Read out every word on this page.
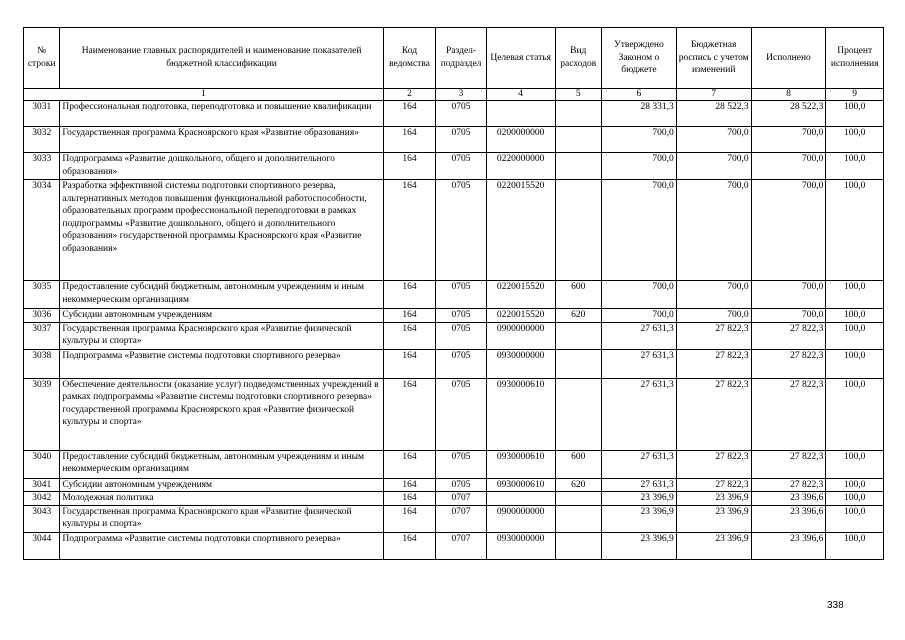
№ строки	Наименование главных распорядителей и наименование показателей бюджетной классификации	Код ведомства	Раздел- подраздел	Целевая статья	Вид расходов	Утверждено Законом о бюджете	Бюджетная роспись с учетом изменений	Исполнено	Процент исполнения
1		2	3	4	5	6	7	8	9
3031	Профессиональная подготовка, переподготовка и повышение квалификации	164	0705			28 331,3	28 522,3	28 522,3	100,0
3032	Государственная программа Красноярского края «Развитие образования»	164	0705	0200000000		700,0	700,0	700,0	100,0
3033	Подпрограмма «Развитие дошкольного, общего и дополнительного образования»	164	0705	0220000000		700,0	700,0	700,0	100,0
3034	Разработка эффективной системы подготовки спортивного резерва, альтернативных методов повышения функциональной работоспособности, образовательных программ профессиональной переподготовки в рамках подпрограммы «Развитие дошкольного, общего и дополнительного образования» государственной программы Красноярского края «Развитие образования»	164	0705	0220015520		700,0	700,0	700,0	100,0
3035	Предоставление субсидий бюджетным, автономным учреждениям и иным некоммерческим организациям	164	0705	0220015520	600	700,0	700,0	700,0	100,0
3036	Субсидии автономным учреждениям	164	0705	0220015520	620	700,0	700,0	700,0	100,0
3037	Государственная программа Красноярского края «Развитие физической культуры и спорта»	164	0705	0900000000		27 631,3	27 822,3	27 822,3	100,0
3038	Подпрограмма «Развитие системы подготовки спортивного резерва»	164	0705	0930000000		27 631,3	27 822,3	27 822,3	100,0
3039	Обеспечение деятельности (оказание услуг) подведомственных учреждений в рамках подпрограммы «Развитие системы подготовки спортивного резерва» государственной программы Красноярского края «Развитие физической культуры и спорта»	164	0705	0930000610		27 631,3	27 822,3	27 822,3	100,0
3040	Предоставление субсидий бюджетным, автономным учреждениям и иным некоммерческим организациям	164	0705	0930000610	600	27 631,3	27 822,3	27 822,3	100,0
3041	Субсидии автономным учреждениям	164	0705	0930000610	620	27 631,3	27 822,3	27 822,3	100,0
3042	Молодежная политика	164	0707			23 396,9	23 396,9	23 396,6	100,0
3043	Государственная программа Красноярского края «Развитие физической культуры и спорта»	164	0707	0900000000		23 396,9	23 396,9	23 396,6	100,0
3044	Подпрограмма «Развитие системы подготовки спортивного резерва»	164	0707	0930000000		23 396,9	23 396,9	23 396,6	100,0
338
